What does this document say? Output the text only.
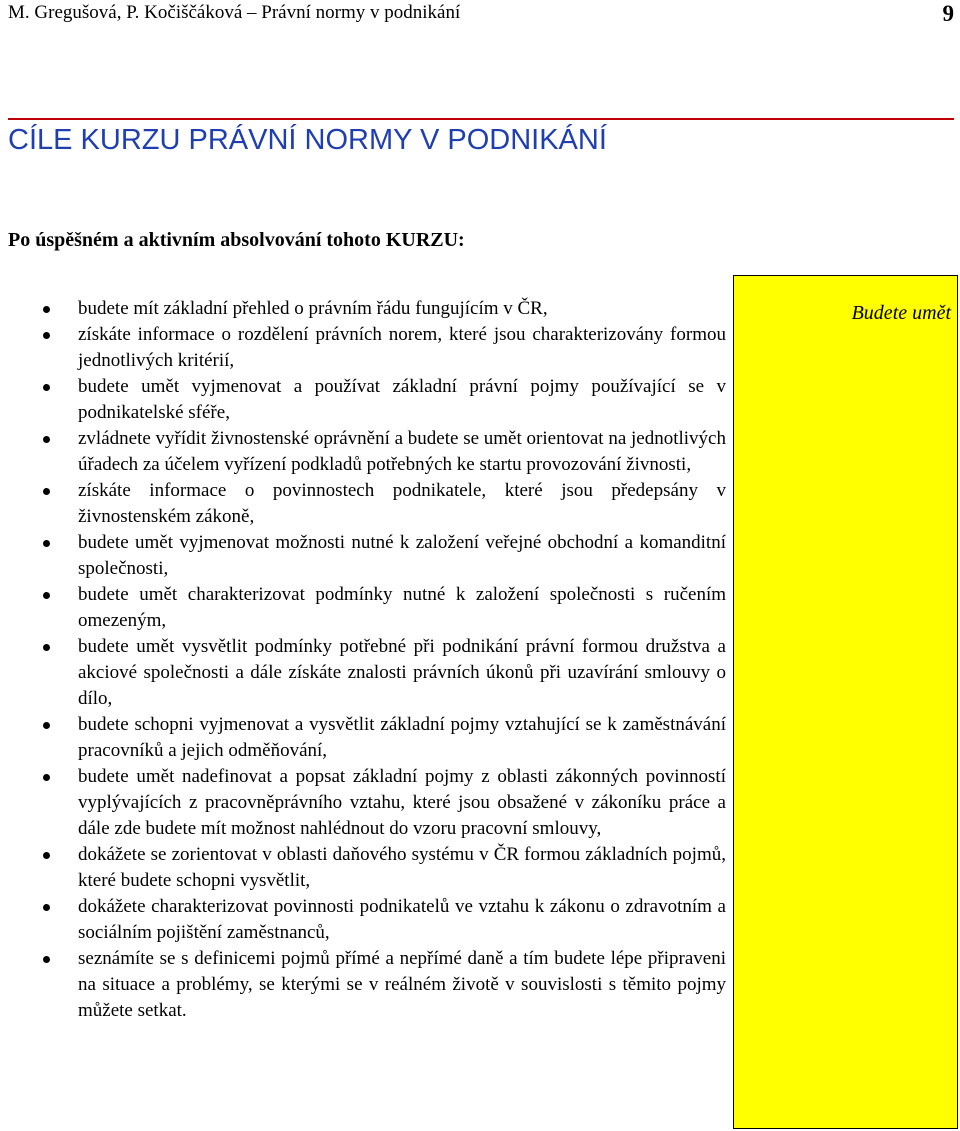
M. Gregušová, P. Kočiščáková – Právní normy v podnikání	9
CÍLE KURZU PRÁVNÍ NORMY V PODNIKÁNÍ
Po úspěšném a aktivním absolvování tohoto KURZU:
Budete umět
budete mít základní přehled o právním řádu fungujícím v ČR,
získáte informace o rozdělení právních norem, které jsou charakterizovány formou jednotlivých kritérií,
budete umět vyjmenovat a používat základní právní pojmy používající se v podnikatelské sféře,
zvládnete vyřídit živnostenské oprávnění a budete se umět orientovat na jednotlivých úřadech za účelem vyřízení podkladů potřebných ke startu provozování živnosti,
získáte informace o povinnostech podnikatele, které jsou předepsány v živnostenském zákoně,
budete umět vyjmenovat možnosti nutné k založení veřejné obchodní a komanditní společnosti,
budete umět charakterizovat podmínky nutné k založení společnosti s ručením omezeným,
budete umět vysvětlit podmínky potřebné při podnikání právní formou družstva a akciové společnosti a dále získáte znalosti právních úkonů při uzavírání smlouvy o dílo,
budete schopni vyjmenovat a vysvětlit základní pojmy vztahující se k zaměstnávání pracovníků a jejich odměňování,
budete umět nadefinovat a popsat základní pojmy z oblasti zákonných povinností vyplývajících z pracovněprávního vztahu, které jsou obsažené v zákoníku práce a dále zde budete mít možnost nahlédnout do vzoru pracovní smlouvy,
dokážete se zorientovat v oblasti daňového systému v ČR formou základních pojmů, které budete schopni vysvětlit,
dokážete charakterizovat povinnosti podnikatelů ve vztahu k zákonu o zdravotním a sociálním pojištění zaměstnanců,
seznámíte se s definicemi pojmů přímé a nepřímé daně a tím budete lépe připraveni na situace a problémy, se kterými se v reálném životě v souvislosti s těmito pojmy můžete setkat.
